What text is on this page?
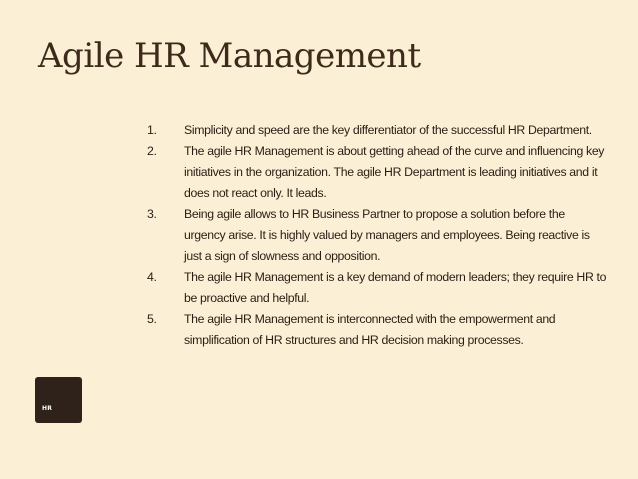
Agile HR Management
1. Simplicity and speed are the key differentiator of the successful HR Department.
2. The agile HR Management is about getting ahead of the curve and influencing key initiatives in the organization. The agile HR Department is leading initiatives and it does not react only. It leads.
3. Being agile allows to HR Business Partner to propose a solution before the urgency arise. It is highly valued by managers and employees. Being reactive is just a sign of slowness and opposition.
4. The agile HR Management is a key demand of modern leaders; they require HR to be proactive and helpful.
5. The agile HR Management is interconnected with the empowerment and simplification of HR structures and HR decision making processes.
HR
